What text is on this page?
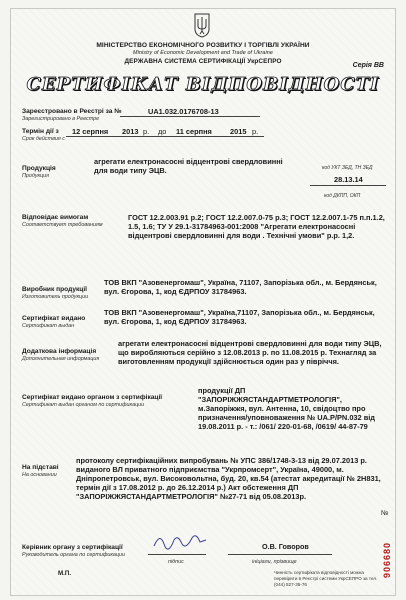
МІНІСТЕРСТВО ЕКОНОМІЧНОГО РОЗВИТКУ І ТОРГІВЛІ УКРАЇНИ
Ministry of Economic Development and Trade of Ukraine
ДЕРЖАВНА СИСТЕМА СЕРТИФІКАЦІЇ УкрСЕПРО
Серія ВВ
СЕРТИФІКАТ ВІДПОВІДНОСТІ
Зареєстровано в Реєстрі за №
Зарегистрировано в Реестре
UA1.032.0176708-13
Термін дії з
Срок действия с
12 серпня 2013 р. до 11 серпня 2015 р.
Продукція
Продукция
агрегати електронасосні відцентрові свердловинні для води типу ЭЦВ.	код УКТ ЗЕД, ТН ЗЕД
28.13.14
код ДКПП, ОКП
Відповідає вимогам
Соответствует требованиям
ГОСТ 12.2.003.91 р.2; ГОСТ 12.2.007.0-75 р.3; ГОСТ 12.2.007.1-75 п.п.1.2, 1.5, 1.6; ТУ У 29.1-31784963-001:2008 "Агрегати електронасосні відцентрові свердловинні для води . Технічні умови" р.р. 1,2.
Виробник продукції
Изготовитель продукции
ТОВ ВКП "Азовенергомаш", Україна, 71107, Запорізька обл., м. Бердянськ, вул. Єгорова, 1, код ЄДРПОУ 31784963.
Сертифікат видано
Сертификат выдан
ТОВ ВКП "Азовенергомаш", Україна,71107, Запорізька обл., м. Бердянськ, вул. Єгорова, 1, код ЄДРПОУ 31784963.
Додаткова інформація
Дополнительная информация
агрегати електронасосні відцентрові свердловинні для води типу ЭЦВ, що виробляються серійно з 12.08.2013 р. по 11.08.2015 р. Технагляд за виготовленням продукції здійснюється один раз у півріччя.
Сертифікат видано органом з сертифікації
Сертификат выдан органом по сертификации
продукції ДП "ЗАПОРІЖЖЯСТАНДАРТМЕТРОЛОГІЯ", м.Запоріжжя, вул. Антенна, 10, свідоцтво про призначення/уповноваження № UA.P/PN.032 від 19.08.2011 р. - т.: /061/ 220-01-68, /0619/ 44-87-79
На підставі
На основании
протоколу сертифікаційних випробувань № УПС 386/1748-3-13 від 29.07.2013 р. виданого ВЛ приватного підприємства "Укрпромсерт", Україна, 49000, м. Дніпропетровськ, вул. Високовольтна, буд. 20, кв.54 (атестат акредитації № 2Н831, термін дії з 17.08.2012 р. до 26.12.2014 р.) Акт обстеження ДП "ЗАПОРІЖЖЯСТАНДАРТМЕТРОЛОГІЯ" №27-71 від 05.08.2013р.
Керівник органу з сертифікації
Руководитель органа по сертификации
О.В. Говоров
підпис	ініціали, прізвище
М.П.
№
906680
Чинність сертифіката відповідності можна перевірити в Реєстрі системи УкрСЕПРО за тел. (044) 527-35-76
